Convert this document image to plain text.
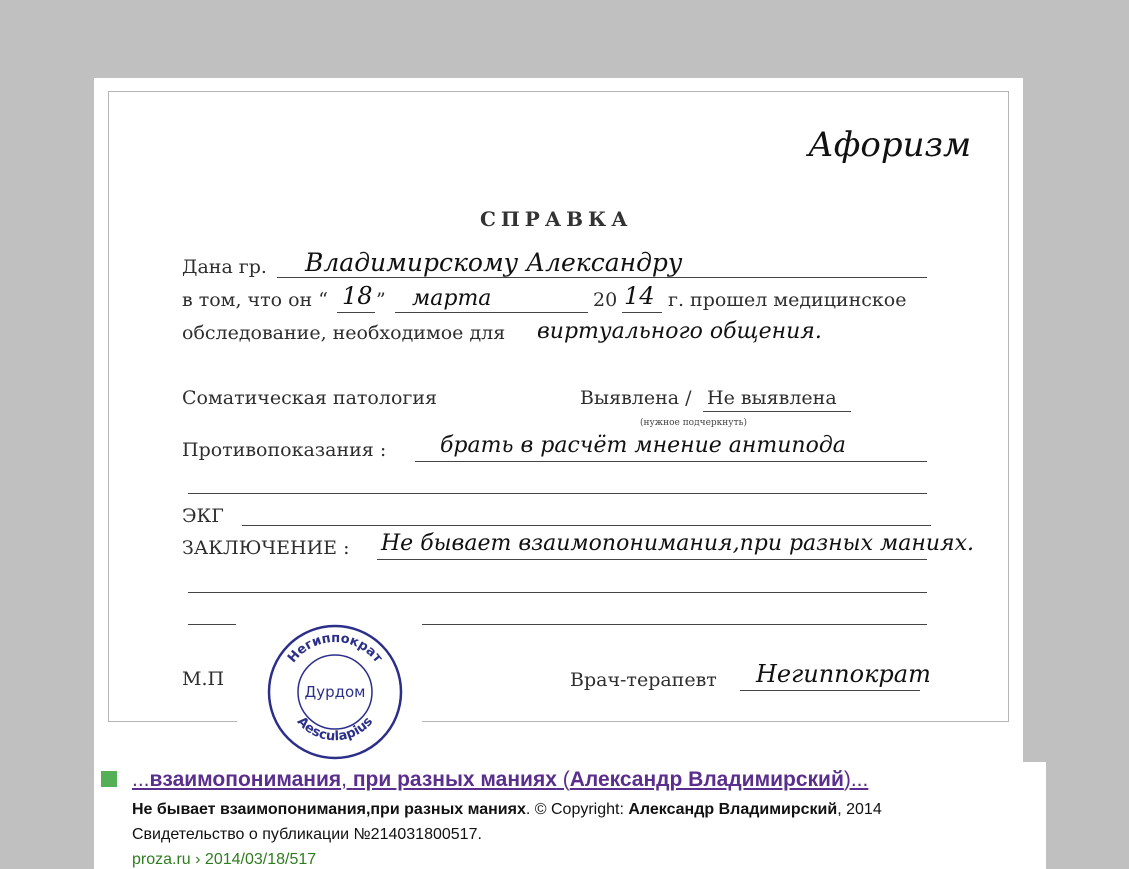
Афоризм
СПРАВКА
Дана гр. Владимирскому Александру
в том, что он “ 18 ” марта	20 14 г. прошел медицинское
обследование, необходимое для виртуального общения.
Соматическая патология	Выявлена / Не выявлена
(нужное подчеркнуть)
Противопоказания : брать в расчёт мнение антипода
ЭКГ
ЗАКЛЮЧЕНИЕ : Не бывает взаимопонимания,при разных маниях.
М.П	Врач-терапевт Негиппократ
Негиппократ
Дурдом
Aesculapius
...взаимопонимания, при разных маниях (Александр Владимирский)...
Не бывает взаимопонимания,при разных маниях. © Copyright: Александр Владимирский, 2014
Свидетельство о публикации №214031800517.
proza.ru › 2014/03/18/517
